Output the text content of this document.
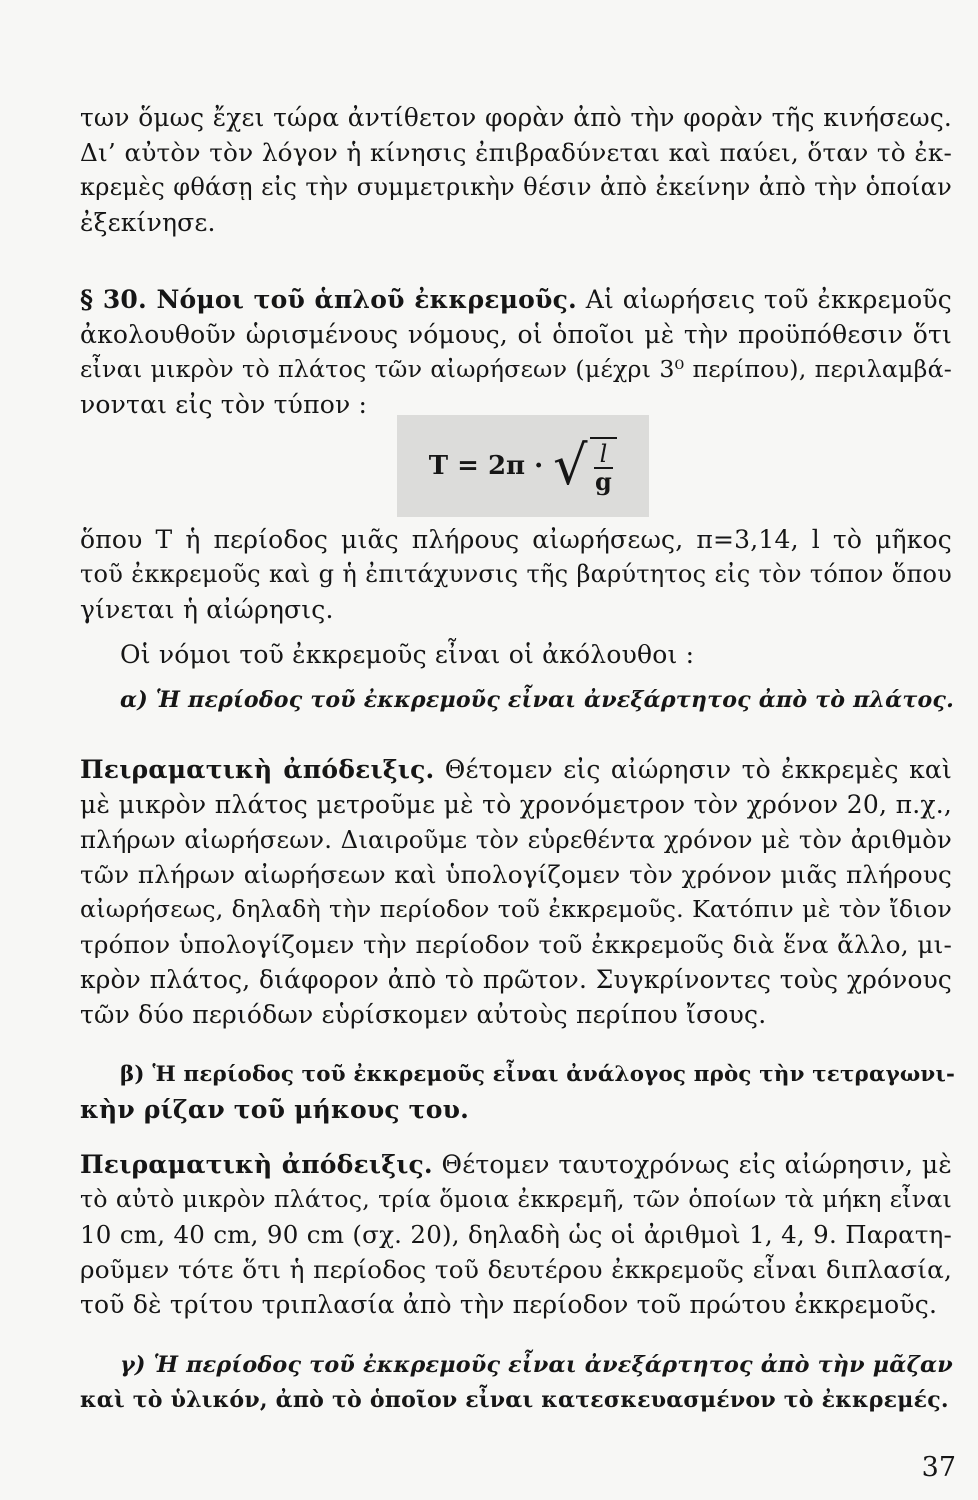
των ὅμως ἔχει τώρα ἀντίθετον φορὰν ἀπὸ τὴν φορὰν τῆς κινήσεως.
Δι’ αὐτὸν τὸν λόγον ἡ κίνησις ἐπιβραδύνεται καὶ παύει, ὅταν τὸ ἐκ-
κρεμὲς φθάσῃ εἰς τὴν συμμετρικὴν θέσιν ἀπὸ ἐκείνην ἀπὸ τὴν ὁποίαν
ἐξεκίνησε.
§ 30. Νόμοι τοῦ ἁπλοῦ ἐκκρεμοῦς. Αἱ αἰωρήσεις τοῦ ἐκκρεμοῦς
ἀκολουθοῦν ὡρισμένους νόμους, οἱ ὁποῖοι μὲ τὴν προϋπόθεσιν ὅτι
εἶναι μικρὸν τὸ πλάτος τῶν αἰωρήσεων (μέχρι 3⁰ περίπου), περιλαμβά-
νονται εἰς τὸν τύπον :
T = 2π · √ $\frac{l}{g}$
ὅπου T ἡ περίοδος μιᾶς πλήρους αἰωρήσεως, π=3,14, l τὸ μῆκος
τοῦ ἐκκρεμοῦς καὶ g ἡ ἐπιτάχυνσις τῆς βαρύτητος εἰς τὸν τόπον ὅπου
γίνεται ἡ αἰώρησις.
Οἱ νόμοι τοῦ ἐκκρεμοῦς εἶναι οἱ ἀκόλουθοι :
α) Ἡ περίοδος τοῦ ἐκκρεμοῦς εἶναι ἀνεξάρτητος ἀπὸ τὸ πλάτος.
Πειραματικὴ ἀπόδειξις. Θέτομεν εἰς αἰώρησιν τὸ ἐκκρεμὲς καὶ
μὲ μικρὸν πλάτος μετροῦμε μὲ τὸ χρονόμετρον τὸν χρόνον 20, π.χ.,
πλήρων αἰωρήσεων. Διαιροῦμε τὸν εὑρεθέντα χρόνον μὲ τὸν ἀριθμὸν
τῶν πλήρων αἰωρήσεων καὶ ὑπολογίζομεν τὸν χρόνον μιᾶς πλήρους
αἰωρήσεως, δηλαδὴ τὴν περίοδον τοῦ ἐκκρεμοῦς. Κατόπιν μὲ τὸν ἴδιον
τρόπον ὑπολογίζομεν τὴν περίοδον τοῦ ἐκκρεμοῦς διὰ ἕνα ἄλλο, μι-
κρὸν πλάτος, διάφορον ἀπὸ τὸ πρῶτον. Συγκρίνοντες τοὺς χρόνους
τῶν δύο περιόδων εὑρίσκομεν αὐτοὺς περίπου ἴσους.
β) Ἡ περίοδος τοῦ ἐκκρεμοῦς εἶναι ἀνάλογος πρὸς τὴν τετραγωνι-
κὴν ρίζαν τοῦ μήκους του.
Πειραματικὴ ἀπόδειξις. Θέτομεν ταυτοχρόνως εἰς αἰώρησιν, μὲ
τὸ αὐτὸ μικρὸν πλάτος, τρία ὅμοια ἐκκρεμῆ, τῶν ὁποίων τὰ μήκη εἶναι
10 cm, 40 cm, 90 cm (σχ. 20), δηλαδὴ ὡς οἱ ἀριθμοὶ 1, 4, 9. Παρατη-
ροῦμεν τότε ὅτι ἡ περίοδος τοῦ δευτέρου ἐκκρεμοῦς εἶναι διπλασία,
τοῦ δὲ τρίτου τριπλασία ἀπὸ τὴν περίοδον τοῦ πρώτου ἐκκρεμοῦς.
γ) Ἡ περίοδος τοῦ ἐκκρεμοῦς εἶναι ἀνεξάρτητος ἀπὸ τὴν μᾶζαν
καὶ τὸ ὑλικόν, ἀπὸ τὸ ὁποῖον εἶναι κατεσκευασμένον τὸ ἐκκρεμές.
37
